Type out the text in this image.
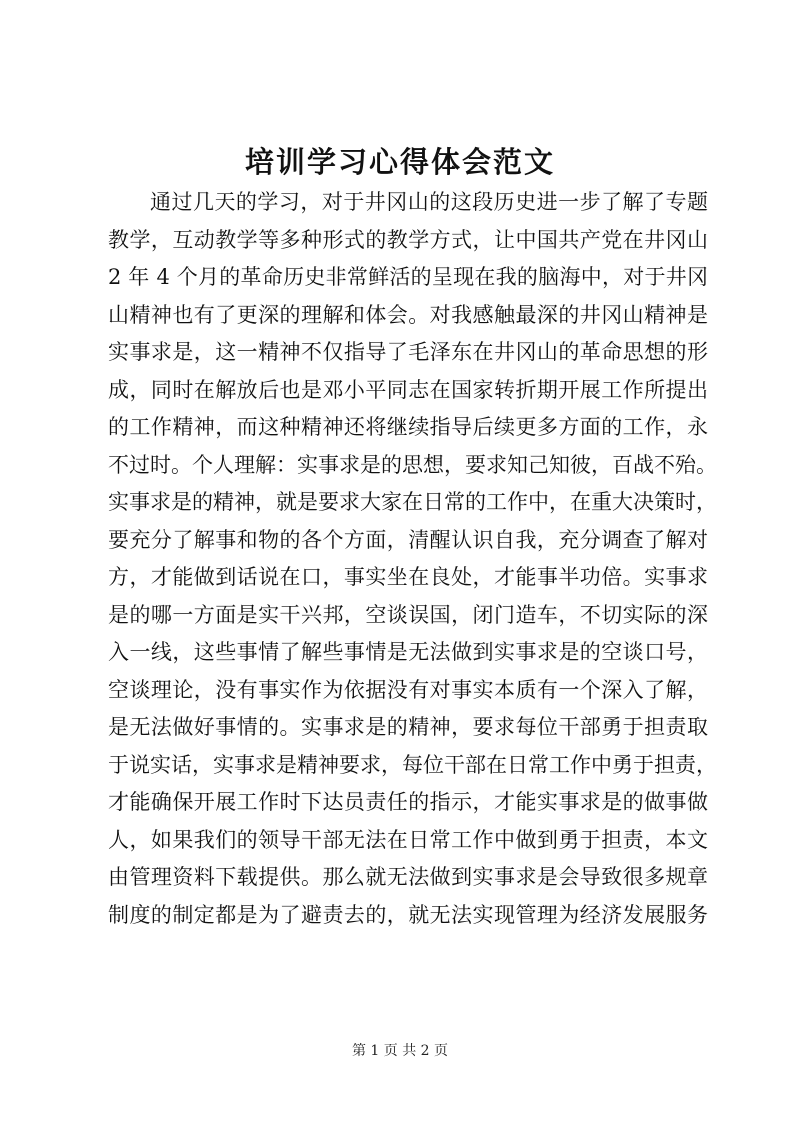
培训学习心得体会范文
通过几天的学习，对于井冈山的这段历史进一步了解了专题
教学，互动教学等多种形式的教学方式，让中国共产党在井冈山
2 年 4 个月的革命历史非常鲜活的呈现在我的脑海中，对于井冈
山精神也有了更深的理解和体会。对我感触最深的井冈山精神是
实事求是，这一精神不仅指导了毛泽东在井冈山的革命思想的形
成，同时在解放后也是邓小平同志在国家转折期开展工作所提出
的工作精神，而这种精神还将继续指导后续更多方面的工作，永
不过时。个人理解：实事求是的思想，要求知己知彼，百战不殆。
实事求是的精神，就是要求大家在日常的工作中，在重大决策时，
要充分了解事和物的各个方面，清醒认识自我，充分调查了解对
方，才能做到话说在口，事实坐在良处，才能事半功倍。实事求
是的哪一方面是实干兴邦，空谈误国，闭门造车，不切实际的深
入一线，这些事情了解些事情是无法做到实事求是的空谈口号，
空谈理论，没有事实作为依据没有对事实本质有一个深入了解，
是无法做好事情的。实事求是的精神，要求每位干部勇于担责取
于说实话，实事求是精神要求，每位干部在日常工作中勇于担责，
才能确保开展工作时下达员责任的指示，才能实事求是的做事做
人，如果我们的领导干部无法在日常工作中做到勇于担责，本文
由管理资料下载提供。那么就无法做到实事求是会导致很多规章
制度的制定都是为了避责去的，就无法实现管理为经济发展服务
第 1 页 共 2 页
